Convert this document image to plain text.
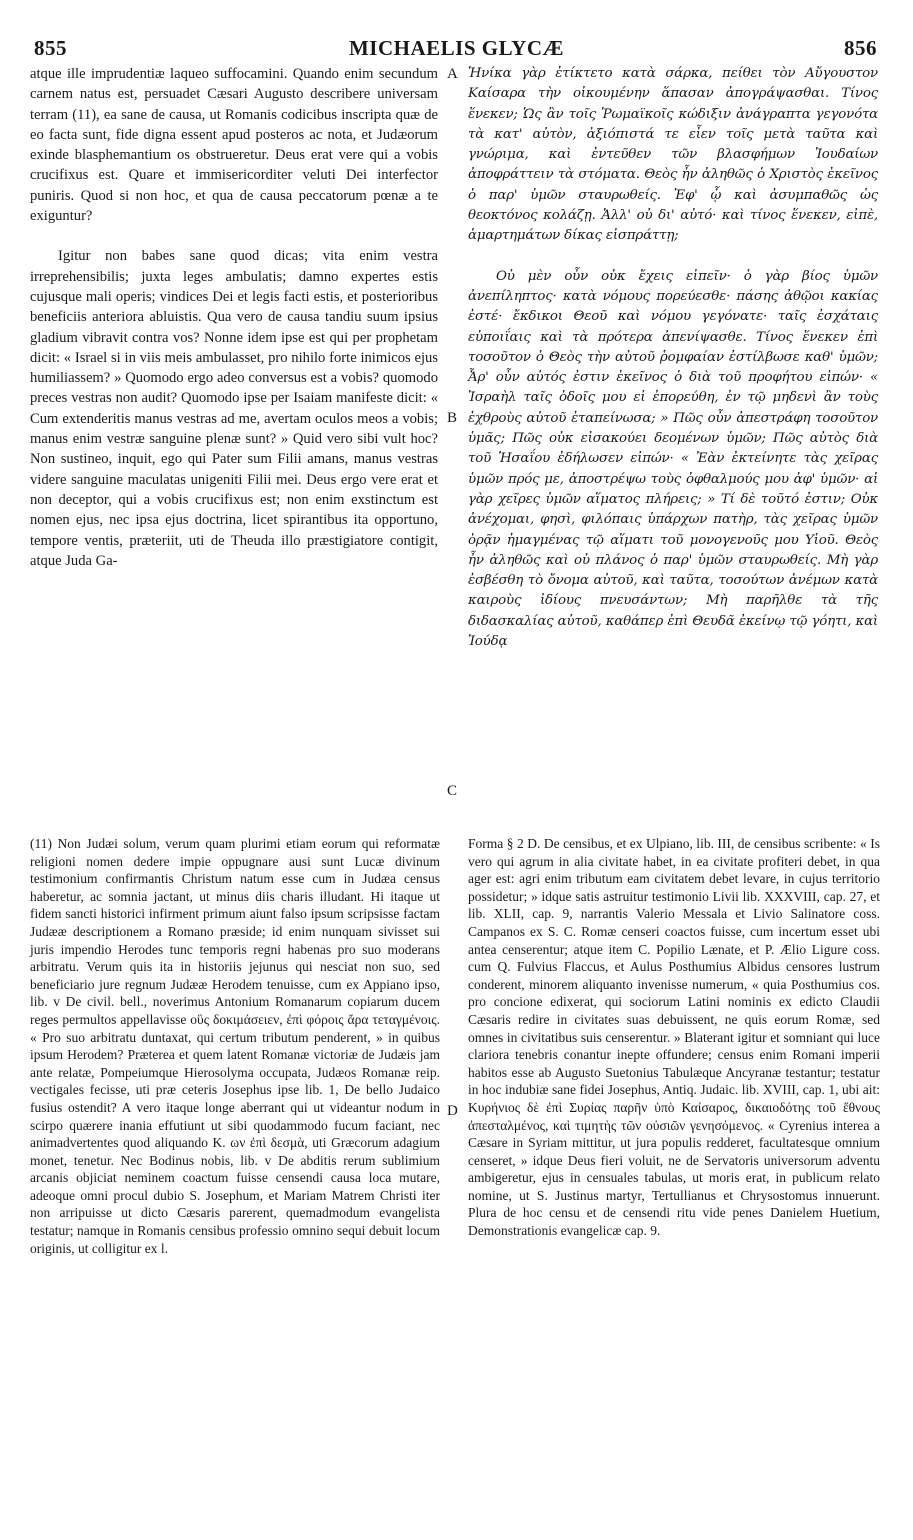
855	MICHAELIS GLYCÆ	856

atque ille imprudentiæ laqueo suffocamini. Quando enim secundum carnem natus est, persuadet Cæsari Augusto describere universam terram (11), ea sane de causa, ut Romanis codicibus inscripta quæ de eo facta sunt, fide digna essent apud posteros ac nota, et Judæorum exinde blasphemantium os obstrueretur. Deus erat vere qui a vobis crucifixus est. Quare et immisericorditer veluti Dei interfector puniris. Quod si non hoc, et qua de causa peccatorum pœnæ a te exiguntur?

Igitur non babes sane quod dicas; vita enim vestra irreprehensibilis; juxta leges ambulatis; damno expertes estis cujusque mali operis; vindices Dei et legis facti estis, et posterioribus beneficiis anteriora abluistis. Qua vero de causa tandiu suum ipsius gladium vibravit contra vos? Nonne idem ipse est qui per prophetam dicit: « Israel si in viis meis ambulasset, pro nihilo forte inimicos ejus humiliassem? » Quomodo ergo adeo conversus est a vobis? quomodo preces vestras non audit? Quomodo ipse per Isaiam manifeste dicit: « Cum extenderitis manus vestras ad me, avertam oculos meos a vobis; manus enim vestræ sanguine plenæ sunt? » Quid vero sibi vult hoc? Non sustineo, inquit, ego qui Pater sum Filii amans, manus vestras videre sanguine maculatas unigeniti Filii mei. Deus ergo vere erat et non deceptor, qui a vobis crucifixus est; non enim exstinctum est nomen ejus, nec ipsa ejus doctrina, licet spirantibus ita opportuno, tempore ventis, præteriit, uti de Theuda illo præstigiatore contigit, atque Juda Ga-

Ἡνίκα γὰρ ἐτίκτετο κατὰ σάρκα, πείθει τὸν Αὔγουστον Καίσαρα τὴν οἰκουμένην ἅπασαν ἀπογράψασθαι. Τίνος ἕνεκεν; Ὡς ἂν τοῖς Ῥωμαϊκοῖς κώδιξιν ἀνάγραπτα γεγονότα τὰ κατ' αὐτὸν, ἀξιόπιστά τε εἶεν τοῖς μετὰ ταῦτα καὶ γνώριμα, καὶ ἐντεῦθεν τῶν βλασφήμων Ἰουδαίων ἀποφράττειν τὰ στόματα. Θεὸς ἦν ἀληθῶς ὁ Χριστὸς ἐκεῖνος ὁ παρ' ὑμῶν σταυρωθείς. Ἐφ' ᾧ καὶ ἀσυμπαθῶς ὡς θεοκτόνος κολάζῃ. Ἀλλ' οὐ δι' αὐτό· καὶ τίνος ἕνεκεν, εἰπὲ, ἁμαρτημάτων δίκας εἰσπράττῃ;

Οὐ μὲν οὖν οὐκ ἔχεις εἰπεῖν· ὁ γὰρ βίος ὑμῶν ἀνεπίληπτος· κατὰ νόμους πορεύεσθε· πάσης ἀθῷοι κακίας ἐστέ· ἔκδικοι Θεοῦ καὶ νόμου γεγόνατε· ταῖς ἐσχάταις εὐποιΐαις καὶ τὰ πρότερα ἀπενίψασθε. Τίνος ἕνεκεν ἐπὶ τοσοῦτον ὁ Θεὸς τὴν αὐτοῦ ῥομφαίαν ἐστίλβωσε καθ' ὑμῶν; Ἆρ' οὖν αὐτός ἐστιν ἐκεῖνος ὁ διὰ τοῦ προφήτου εἰπών· « Ἰσραὴλ ταῖς ὁδοῖς μου εἰ ἐπορεύθη, ἐν τῷ μηδενὶ ἂν τοὺς ἐχθροὺς αὐτοῦ ἐταπείνωσα; » Πῶς οὖν ἀπεστράφη τοσοῦτον ὑμᾶς; Πῶς οὐκ εἰσακούει δεομένων ὑμῶν; Πῶς αὐτὸς διὰ τοῦ Ἡσαΐου ἐδήλωσεν εἰπών· « Ἐὰν ἐκτείνητε τὰς χεῖρας ὑμῶν πρός με, ἀποστρέψω τοὺς ὀφθαλμούς μου ἀφ' ὑμῶν· αἱ γὰρ χεῖρες ὑμῶν αἵματος πλήρεις; » Τί δὲ τοῦτό ἐστιν; Οὐκ ἀνέχομαι, φησὶ, φιλόπαις ὑπάρχων πατὴρ, τὰς χεῖρας ὑμῶν ὁρᾷν ἠμαγμένας τῷ αἵματι τοῦ μονογενοῦς μου Υἱοῦ. Θεὸς ἦν ἀληθῶς καὶ οὐ πλάνος ὁ παρ' ὑμῶν σταυρωθείς. Μὴ γὰρ ἐσβέσθη τὸ ὄνομα αὐτοῦ, καὶ ταῦτα, τοσούτων ἀνέμων κατὰ καιροὺς ἰδίους πνευσάντων; Μὴ παρῆλθε τὰ τῆς διδασκαλίας αὐτοῦ, καθάπερ ἐπὶ Θευδᾶ ἐκείνῳ τῷ γόητι, καὶ Ἰούδᾳ

A
B
C
D

(11) Non Judæi solum, verum quam plurimi etiam eorum qui reformatæ religioni nomen dedere impie oppugnare ausi sunt Lucæ divinum testimonium confirmantis Christum natum esse cum in Judæa census haberetur, ac somnia jactant, ut minus diis charis illudant. Hi itaque ut fidem sancti historici infirment primum aiunt falso ipsum scripsisse factam Judææ descriptionem a Romano præside; id enim nunquam sivisset sui juris impendio Herodes tunc temporis regni habenas pro suo moderans arbitratu. Verum quis ita in historiis jejunus qui nesciat non suo, sed beneficiario jure regnum Judææ Herodem tenuisse, cum ex Appiano ipso, lib. v De civil. bell., noverimus Antonium Romanarum copiarum ducem reges permultos appellavisse οὓς δοκιμάσειεν, ἐπὶ φόροις ἄρα τεταγμένοις. « Pro suo arbitratu duntaxat, qui certum tributum penderent, » in quibus ipsum Herodem? Præterea et quem latent Romanæ victoriæ de Judæis jam ante relatæ, Pompeiumque Hierosolyma occupata, Judæos Romanæ reip. vectigales fecisse, uti præ ceteris Josephus ipse lib. 1, De bello Judaico fusius ostendit? A vero itaque longe aberrant qui ut videantur nodum in scirpo quærere inania effutiunt ut sibi quodammodo fucum faciant, nec animadvertentes quod aliquando Κ. ων ἐπὶ δεσμὰ, uti Græcorum adagium monet, tenetur. Nec Bodinus nobis, lib. v De abditis rerum sublimium arcanis objiciat neminem coactum fuisse censendi causa loca mutare, adeoque omni procul dubio S. Josephum, et Mariam Matrem Christi iter non arripuisse ut dicto Cæsaris parerent, quemadmodum evangelista testatur; namque in Romanis censibus professio omnino sequi debuit locum originis, ut colligitur ex l.

Forma § 2 D. De censibus, et ex Ulpiano, lib. III, de censibus scribente: « Is vero qui agrum in alia civitate habet, in ea civitate profiteri debet, in qua ager est: agri enim tributum eam civitatem debet levare, in cujus territorio possidetur; » idque satis astruitur testimonio Livii lib. XXXVIII, cap. 27, et lib. XLII, cap. 9, narrantis Valerio Messala et Livio Salinatore coss. Campanos ex S. C. Romæ censeri coactos fuisse, cum incertum esset ubi antea censerentur; atque item C. Popilio Lænate, et P. Ælio Ligure coss. cum Q. Fulvius Flaccus, et Aulus Posthumius Albidus censores lustrum conderent, minorem aliquanto invenisse numerum, « quia Posthumius cos. pro concione edixerat, qui sociorum Latini nominis ex edicto Claudii Cæsaris redire in civitates suas debuissent, ne quis eorum Romæ, sed omnes in civitatibus suis censerentur. » Blaterant igitur et somniant qui luce clariora tenebris conantur inepte offundere; census enim Romani imperii habitos esse ab Augusto Suetonius Tabulæque Ancyranæ testantur; testatur in hoc indubiæ sane fidei Josephus, Antiq. Judaic. lib. XVIII, cap. 1, ubi ait: Κυρήνιος δὲ ἐπὶ Συρίας παρῆν ὑπὸ Καίσαρος, δικαιοδότης τοῦ ἔθνους ἀπεσταλμένος, καὶ τιμητὴς τῶν οὐσιῶν γενησόμενος. « Cyrenius interea a Cæsare in Syriam mittitur, ut jura populis redderet, facultatesque omnium censeret, » idque Deus fieri voluit, ne de Servatoris universorum adventu ambigeretur, ejus in censuales tabulas, ut moris erat, in publicum relato nomine, ut S. Justinus martyr, Tertullianus et Chrysostomus innuerunt. Plura de hoc censu et de censendi ritu vide penes Danielem Huetium, Demonstrationis evangelicæ cap. 9.
